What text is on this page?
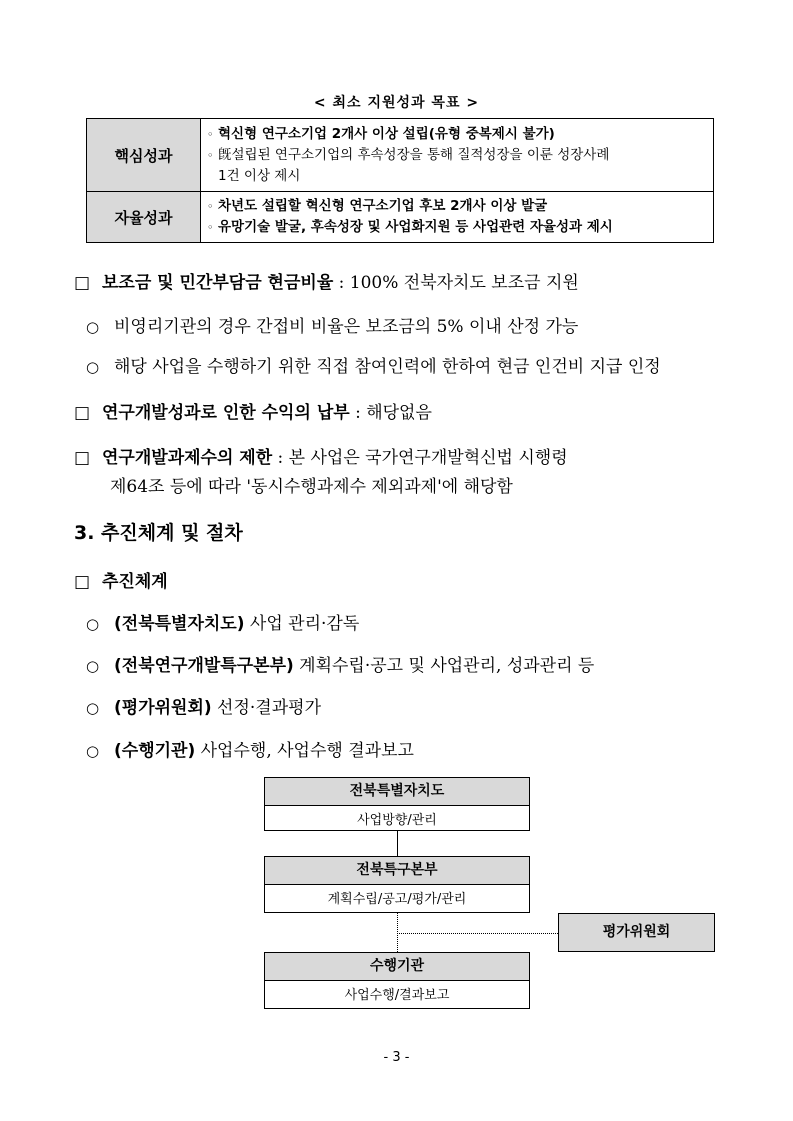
< 최소 지원성과 목표 >
핵심성과	◦ 혁신형 연구소기업 2개사 이상 설립(유형 중복제시 불가)
◦ 旣설립된 연구소기업의 후속성장을 통해 질적성장을 이룬 성장사례
1건 이상 제시

자율성과	◦ 차년도 설립할 혁신형 연구소기업 후보 2개사 이상 발굴
◦ 유망기술 발굴, 후속성장 및 사업화지원 등 사업관련 자율성과 제시
□ 보조금 및 민간부담금 현금비율 : 100% 전북자치도 보조금 지원
○ 비영리기관의 경우 간접비 비율은 보조금의 5% 이내 산정 가능
○ 해당 사업을 수행하기 위한 직접 참여인력에 한하여 현금 인건비 지급 인정
□ 연구개발성과로 인한 수익의 납부 : 해당없음
□ 연구개발과제수의 제한 : 본 사업은 국가연구개발혁신법 시행령
제64조 등에 따라 '동시수행과제수 제외과제'에 해당함
3. 추진체계 및 절차
□ 추진체계
○ (전북특별자치도) 사업 관리·감독
○ (전북연구개발특구본부) 계획수립·공고 및 사업관리, 성과관리 등
○ (평가위원회) 선정·결과평가
○ (수행기관) 사업수행, 사업수행 결과보고
전북특별자치도
사업방향/관리
전북특구본부
계획수립/공고/평가/관리
평가위원회
수행기관
사업수행/결과보고
- 3 -
